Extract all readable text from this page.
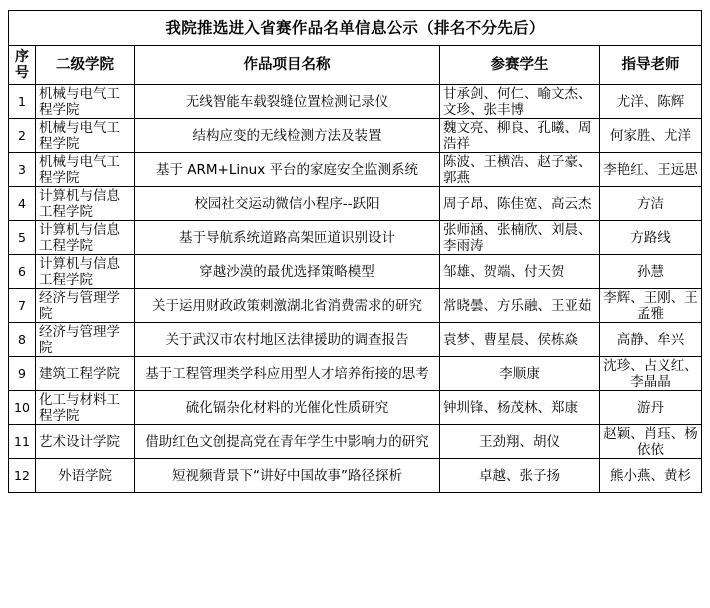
我院推选进入省赛作品名单信息公示（排名不分先后）				
序号	二级学院	作品项目名称	参赛学生	指导老师
1	机械与电气工程学院	无线智能车载裂缝位置检测记录仪	甘承剑、何仁、喻文杰、文珍、张丰博	尤洋、陈辉
2	机械与电气工程学院	结构应变的无线检测方法及装置	魏文亮、柳良、孔曦、周浩祥	何家胜、尤洋
3	机械与电气工程学院	基于 ARM+Linux 平台的家庭安全监测系统	陈波、王横浩、赵子豪、郭燕	李艳红、王远思
4	计算机与信息工程学院	校园社交运动微信小程序--跃阳	周子昂、陈佳宽、高云杰	方洁
5	计算机与信息工程学院	基于导航系统道路高架匝道识别设计	张师涵、张楠欣、刘晨、李雨涛	方路线
6	计算机与信息工程学院	穿越沙漠的最优选择策略模型	邹雄、贺端、付天贺	孙慧
7	经济与管理学院	关于运用财政政策刺激湖北省消费需求的研究	常晓曇、方乐融、王亚茹	李辉、王刚、王孟雅
8	经济与管理学院	关于武汉市农村地区法律援助的调查报告	袁梦、曹星晨、侯栋焱	高静、牟兴
9	建筑工程学院	基于工程管理类学科应用型人才培养衔接的思考	李顺康	沈珍、占义红、李晶晶
10	化工与材料工程学院	硫化镉杂化材料的光催化性质研究	钟圳锋、杨茂林、郑康	游丹
11	艺术设计学院	借助红色文创提高党在青年学生中影响力的研究	王劲翔、胡仪	赵颖、肖珏、杨依依
12	外语学院	短视频背景下“讲好中国故事”路径探析	卓越、张子扬	熊小燕、黄杉
